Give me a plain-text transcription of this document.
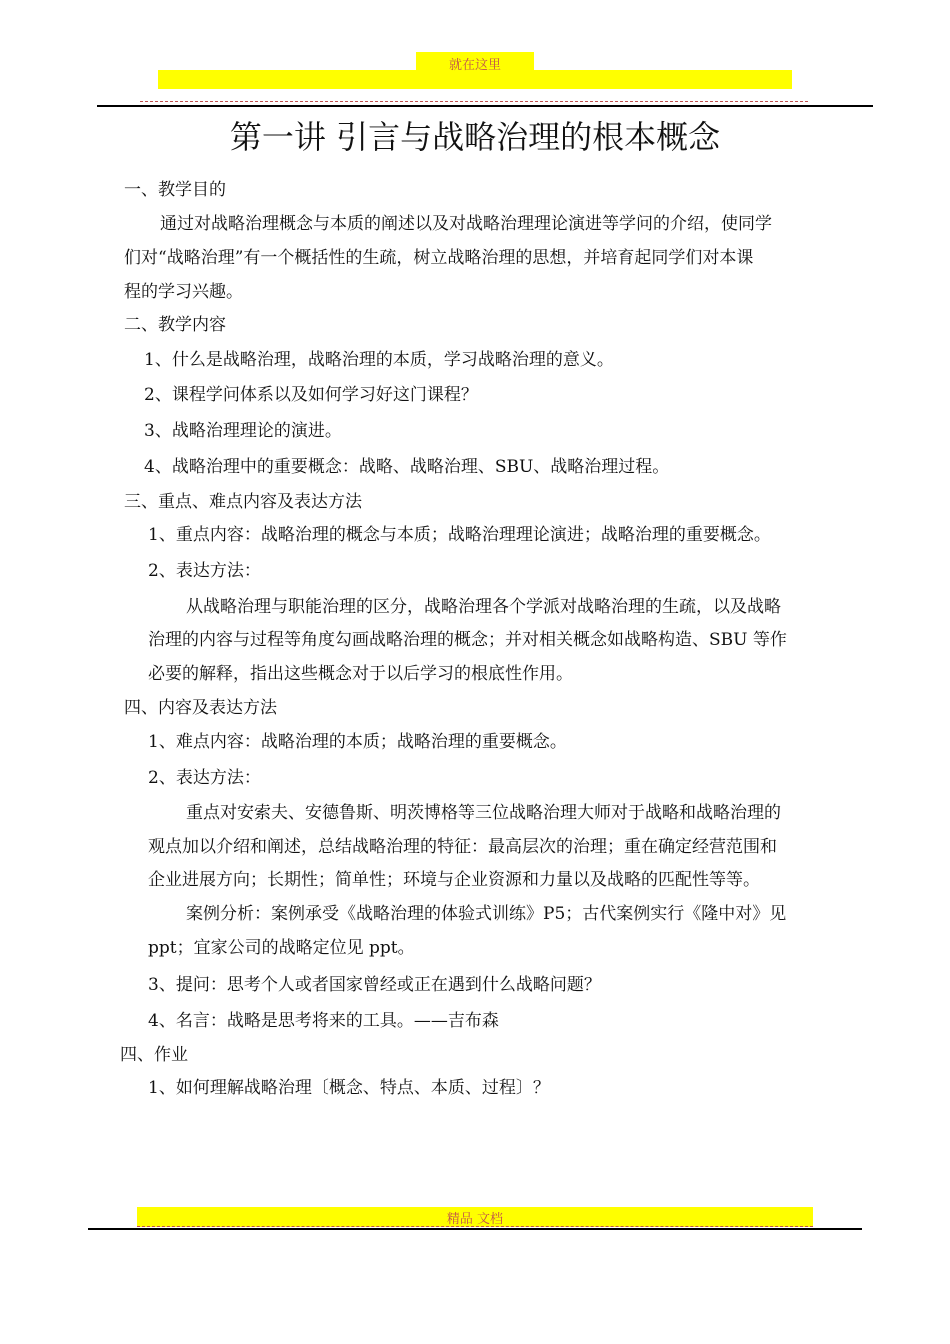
就在这里
第一讲 引言与战略治理的根本概念
一、教学目的
通过对战略治理概念与本质的阐述以及对战略治理理论演进等学问的介绍，使同学
们对“战略治理”有一个概括性的生疏，树立战略治理的思想，并培育起同学们对本课
程的学习兴趣。
二、教学内容
1、什么是战略治理，战略治理的本质，学习战略治理的意义。
2、课程学问体系以及如何学习好这门课程？
3、战略治理理论的演进。
4、战略治理中的重要概念：战略、战略治理、SBU、战略治理过程。
三、重点、难点内容及表达方法
1、重点内容：战略治理的概念与本质；战略治理理论演进；战略治理的重要概念。
2、表达方法：
从战略治理与职能治理的区分，战略治理各个学派对战略治理的生疏，以及战略
治理的内容与过程等角度勾画战略治理的概念；并对相关概念如战略构造、SBU 等作
必要的解释，指出这些概念对于以后学习的根底性作用。
四、内容及表达方法
1、难点内容：战略治理的本质；战略治理的重要概念。
2、表达方法：
重点对安索夫、安德鲁斯、明茨博格等三位战略治理大师对于战略和战略治理的
观点加以介绍和阐述，总结战略治理的特征：最高层次的治理；重在确定经营范围和
企业进展方向；长期性；简单性；环境与企业资源和力量以及战略的匹配性等等。
案例分析：案例承受《战略治理的体验式训练》P5；古代案例实行《隆中对》见
ppt；宜家公司的战略定位见 ppt。
3、提问：思考个人或者国家曾经或正在遇到什么战略问题？
4、名言：战略是思考将来的工具。——吉布森
四、作业
1、如何理解战略治理〔概念、特点、本质、过程〕？
精品 文档
